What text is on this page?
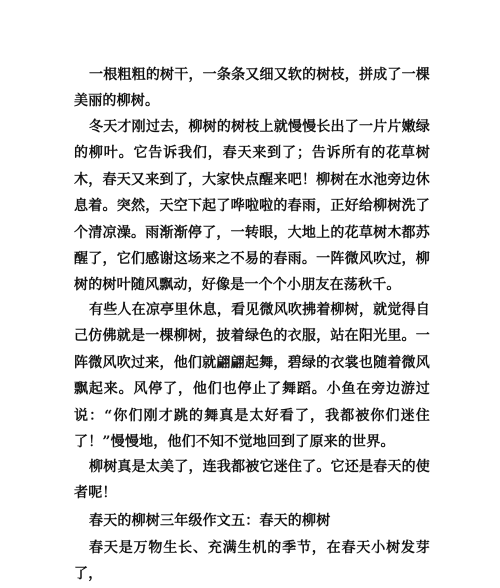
一根粗粗的树干，一条条又细又软的树枝，拼成了一棵美丽的柳树。

冬天才刚过去，柳树的树枝上就慢慢长出了一片片嫩绿的柳叶。它告诉我们，春天来到了；告诉所有的花草树木，春天又来到了，大家快点醒来吧！柳树在水池旁边休息着。突然，天空下起了哗啦啦的春雨，正好给柳树洗了个清凉澡。雨渐渐停了，一转眼，大地上的花草树木都苏醒了，它们感谢这场来之不易的春雨。一阵微风吹过，柳树的树叶随风飘动，好像是一个个小朋友在荡秋千。

有些人在凉亭里休息，看见微风吹拂着柳树，就觉得自己仿佛就是一棵柳树，披着绿色的衣服，站在阳光里。一阵微风吹过来，他们就翩翩起舞，碧绿的衣裳也随着微风飘起来。风停了，他们也停止了舞蹈。小鱼在旁边游过说：“你们刚才跳的舞真是太好看了，我都被你们迷住了！”慢慢地，他们不知不觉地回到了原来的世界。

柳树真是太美了，连我都被它迷住了。它还是春天的使者呢！

春天的柳树三年级作文五：春天的柳树

春天是万物生长、充满生机的季节，在春天小树发芽了，
